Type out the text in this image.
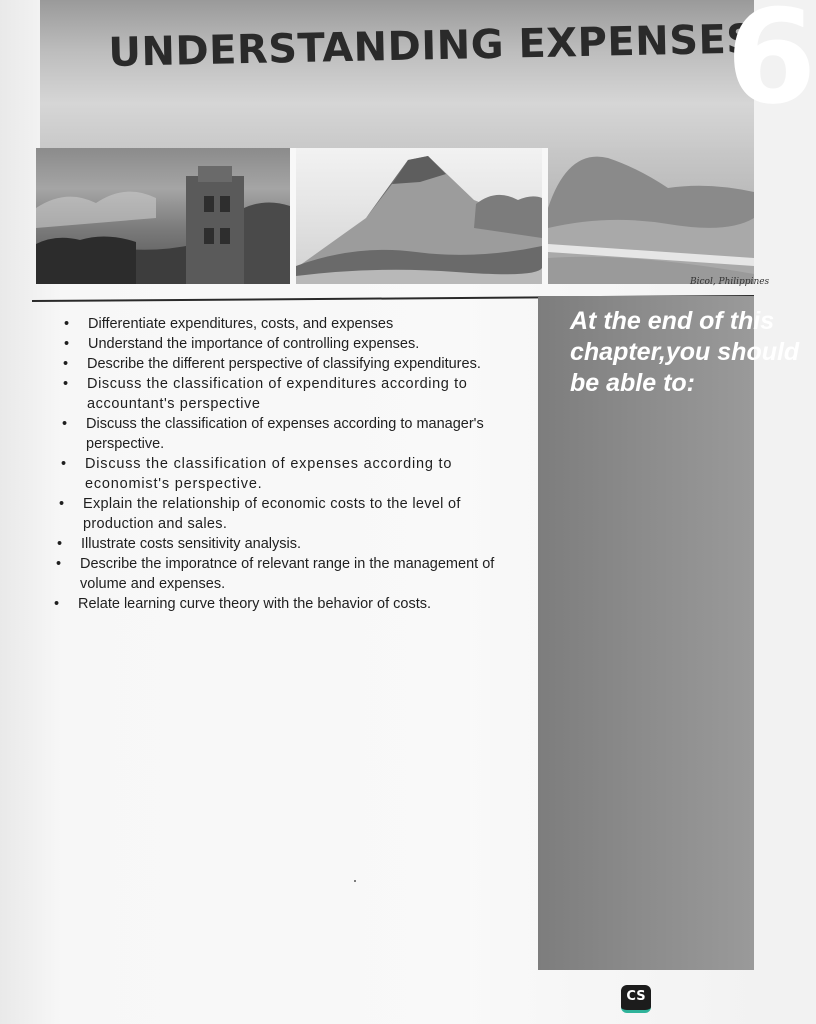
UNDERSTANDING EXPENSES
6
Bicol, Philippines

At the end of this
chapter,you should
be able to:

•	Differentiate expenditures, costs, and expenses
•	Understand the importance of controlling expenses.
•	Describe the different perspective of classifying expenditures.
• Discuss the classification of expenditures according to accountant's perspective
•	Discuss the classification of expenses according to manager's perspective.
• Discuss the classification of expenses according to economist's perspective.
•	Explain the relationship of economic costs to the level of production and sales.
•	Illustrate costs sensitivity analysis.
•	Describe the imporatnce of relevant range in the management of volume and expenses.
•	Relate learning curve theory with the behavior of costs.
CS
